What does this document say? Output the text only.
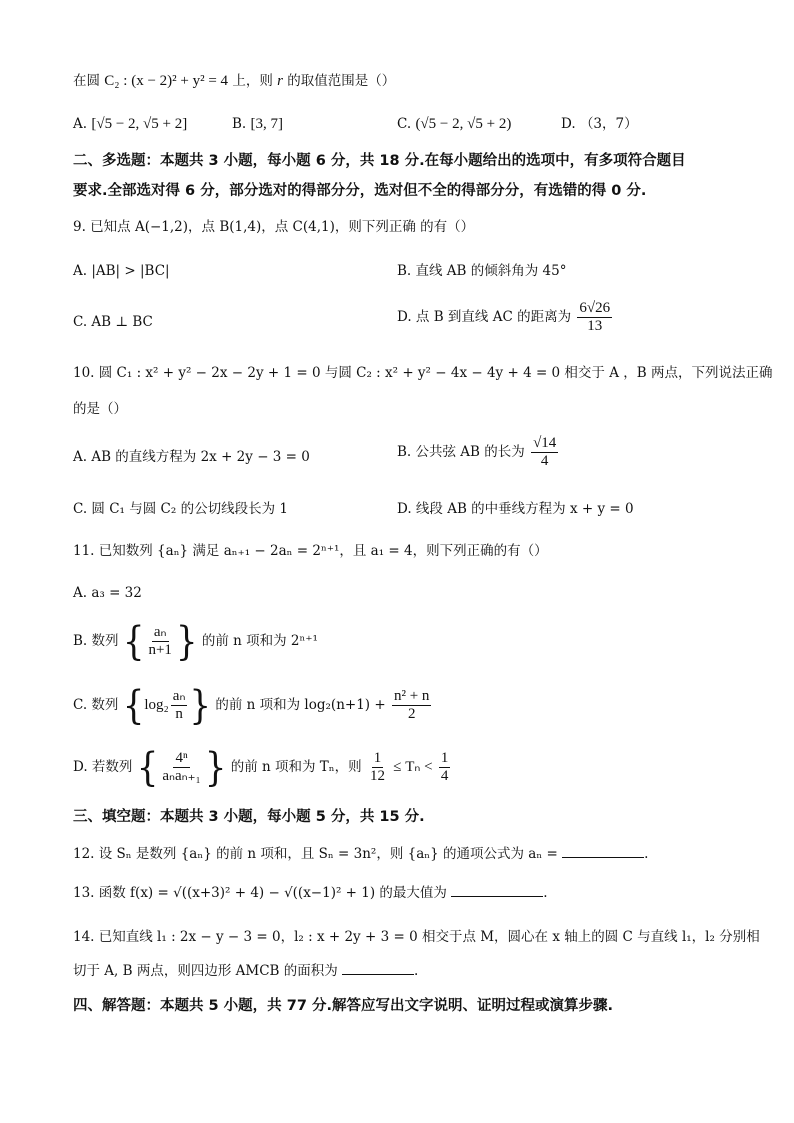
在圆 C₂ : (x − 2)² + y² = 4 上，则 r 的取值范围是（）
A. [√5 − 2, √5 + 2]	B. [3, 7]	C. (√5 − 2, √5 + 2)	D. （3，7）
二、多选题：本题共 3 小题，每小题 6 分，共 18 分.在每小题给出的选项中，有多项符合题目
要求.全部选对得 6 分，部分选对的得部分分，选对但不全的得部分分，有选错的得 0 分.
9. 已知点 A(−1,2)，点 B(1,4)，点 C(4,1)，则下列正确 的有（）
A. |AB| > |BC|	B. 直线 AB 的倾斜角为 45°
C. AB ⊥ BC	D. 点 B 到直线 AC 的距离为 $\frac{6√26}{13}$
10. 圆 C₁ : x² + y² − 2x − 2y + 1 = 0 与圆 C₂ : x² + y² − 4x − 4y + 4 = 0 相交于 A ，B 两点，下列说法正确
的是（）
A. AB 的直线方程为 2x + 2y − 3 = 0	B. 公共弦 AB 的长为 $\frac{√14}{4}$
C. 圆 C₁ 与圆 C₂ 的公切线段长为 1	D. 线段 AB 的中垂线方程为 x + y = 0
11. 已知数列 {aₙ} 满足 aₙ₊₁ − 2aₙ = 2ⁿ⁺¹，且 a₁ = 4，则下列正确的有（）
A. a₃ = 32
B. 数列 { $\frac{\text{aₙ}}{n+1}$ } 的前 n 项和为 2ⁿ⁺¹
C. 数列 {$\log_2 \frac{\text{aₙ}}{n}$ } 的前 n 项和为 $\log_2(n+1) + \frac{\text{n² + n}}{2}$
D. 若数列 { $\frac{\text{4ⁿ}}{\text{aₙaₙ₊₁}}$ } 的前 n 项和为 Tₙ，则 $\frac{1}{12} \le T_n < \frac{1}{4}$
三、填空题：本题共 3 小题，每小题 5 分，共 15 分.
12. 设 Sₙ 是数列 {aₙ} 的前 n 项和，且 Sₙ = 3n²，则 {aₙ} 的通项公式为 aₙ =	.
13. 函数 f(x) = √((x+3)² + 4) − √((x−1)² + 1) 的最大值为	.
14. 已知直线 l₁ : 2x − y − 3 = 0，l₂ : x + 2y + 3 = 0 相交于点 M，圆心在 x 轴上的圆 C 与直线 l₁，l₂ 分别相
切于 A, B 两点，则四边形 AMCB 的面积为	.
四、解答题：本题共 5 小题，共 77 分.解答应写出文字说明、证明过程或演算步骤.
